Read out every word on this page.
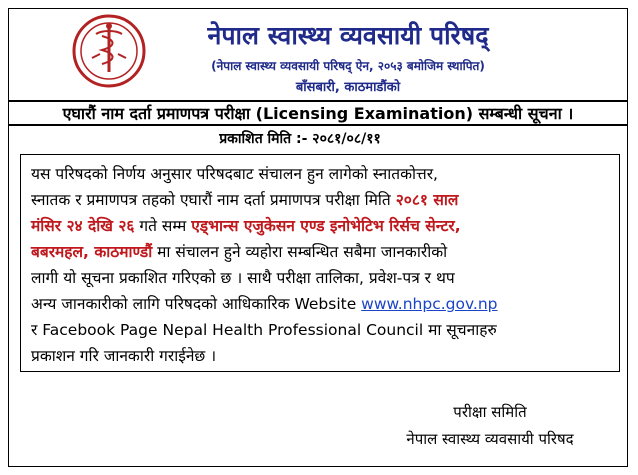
नेपाल स्वास्थ्य व्यवसायी परिषद्
(नेपाल स्वास्थ्य व्यवसायी परिषद् ऐन, २०५३ बमोजिम स्थापित)
बाँसबारी, काठमाडौंको
एघारौं नाम दर्ता प्रमाणपत्र परीक्षा (Licensing Examination) सम्बन्धी सूचना ।
प्रकाशित मिति :- २०८१/०८/११
यस परिषदको निर्णय अनुसार परिषदबाट संचालन हुन लागेको स्नातकोत्तर,
स्नातक र प्रमाणपत्र तहको एघारौं नाम दर्ता प्रमाणपत्र परीक्षा मिति २०८१ साल
मंसिर २४ देखि २६ गते सम्म एड्भान्स एजुकेसन एण्ड इनोभेटिभ रिर्सच सेन्टर,
बबरमहल, काठमाण्डौं मा संचालन हुने व्यहोरा सम्बन्धित सबैमा जानकारीको
लागी यो सूचना प्रकाशित गरिएको छ । साथै परीक्षा तालिका, प्रवेश-पत्र र थप
अन्य जानकारीको लागि परिषदको आधिकारिक Website www.nhpc.gov.np
र Facebook Page Nepal Health Professional Council मा सूचनाहरु
प्रकाशन गरि जानकारी गराईनेछ ।
परीक्षा समिति
नेपाल स्वास्थ्य व्यवसायी परिषद
